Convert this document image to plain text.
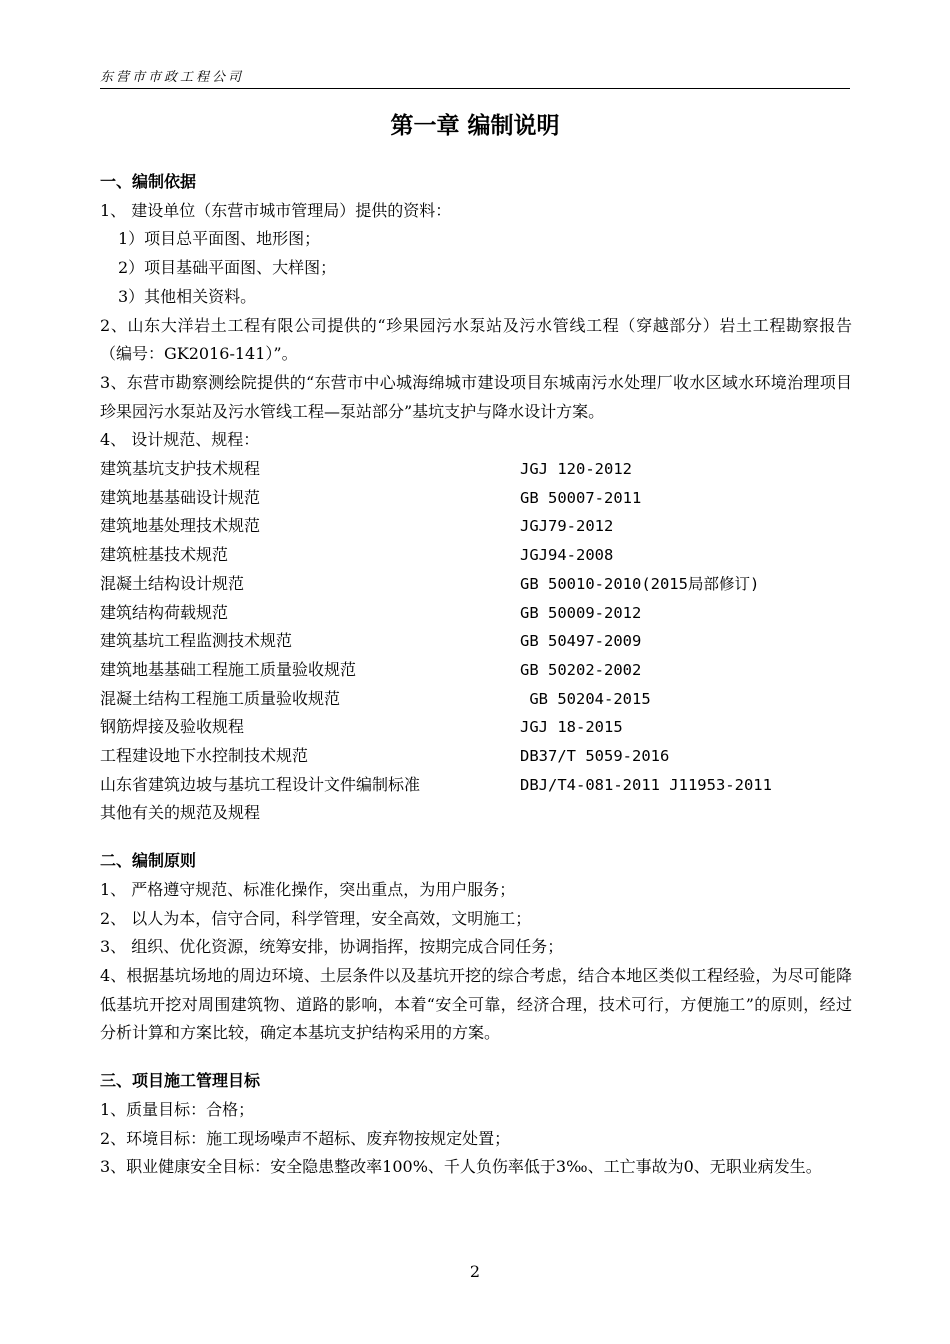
东营市市政工程公司
第一章 编制说明
一、编制依据
1、 建设单位（东营市城市管理局）提供的资料：
1）项目总平面图、地形图；
2）项目基础平面图、大样图；
3）其他相关资料。
2、山东大洋岩土工程有限公司提供的“珍果园污水泵站及污水管线工程（穿越部分）岩土工程勘察报告（编号：GK2016-141）”。
3、东营市勘察测绘院提供的“东营市中心城海绵城市建设项目东城南污水处理厂收水区域水环境治理项目珍果园污水泵站及污水管线工程—泵站部分”基坑支护与降水设计方案。
4、 设计规范、规程：
建筑基坑支护技术规程	JGJ 120-2012
建筑地基基础设计规范	GB 50007-2011
建筑地基处理技术规范	JGJ79-2012
建筑桩基技术规范	JGJ94-2008
混凝土结构设计规范	GB 50010-2010(2015局部修订)
建筑结构荷载规范	GB 50009-2012
建筑基坑工程监测技术规范	GB 50497-2009
建筑地基基础工程施工质量验收规范	GB 50202-2002
混凝土结构工程施工质量验收规范	GB 50204-2015
钢筋焊接及验收规程	JGJ 18-2015
工程建设地下水控制技术规范	DB37/T 5059-2016
山东省建筑边坡与基坑工程设计文件编制标准	DBJ/T4-081-2011 J11953-2011
其他有关的规范及规程
二、编制原则
1、 严格遵守规范、标准化操作，突出重点，为用户服务；
2、 以人为本，信守合同，科学管理，安全高效，文明施工；
3、 组织、优化资源，统筹安排，协调指挥，按期完成合同任务；
4、根据基坑场地的周边环境、土层条件以及基坑开挖的综合考虑，结合本地区类似工程经验，为尽可能降低基坑开挖对周围建筑物、道路的影响，本着“安全可靠，经济合理，技术可行，方便施工”的原则，经过分析计算和方案比较，确定本基坑支护结构采用的方案。
三、项目施工管理目标
1、质量目标：合格；
2、环境目标：施工现场噪声不超标、废弃物按规定处置；
3、职业健康安全目标：安全隐患整改率100%、千人负伤率低于3‰、工亡事故为0、无职业病发生。
2
